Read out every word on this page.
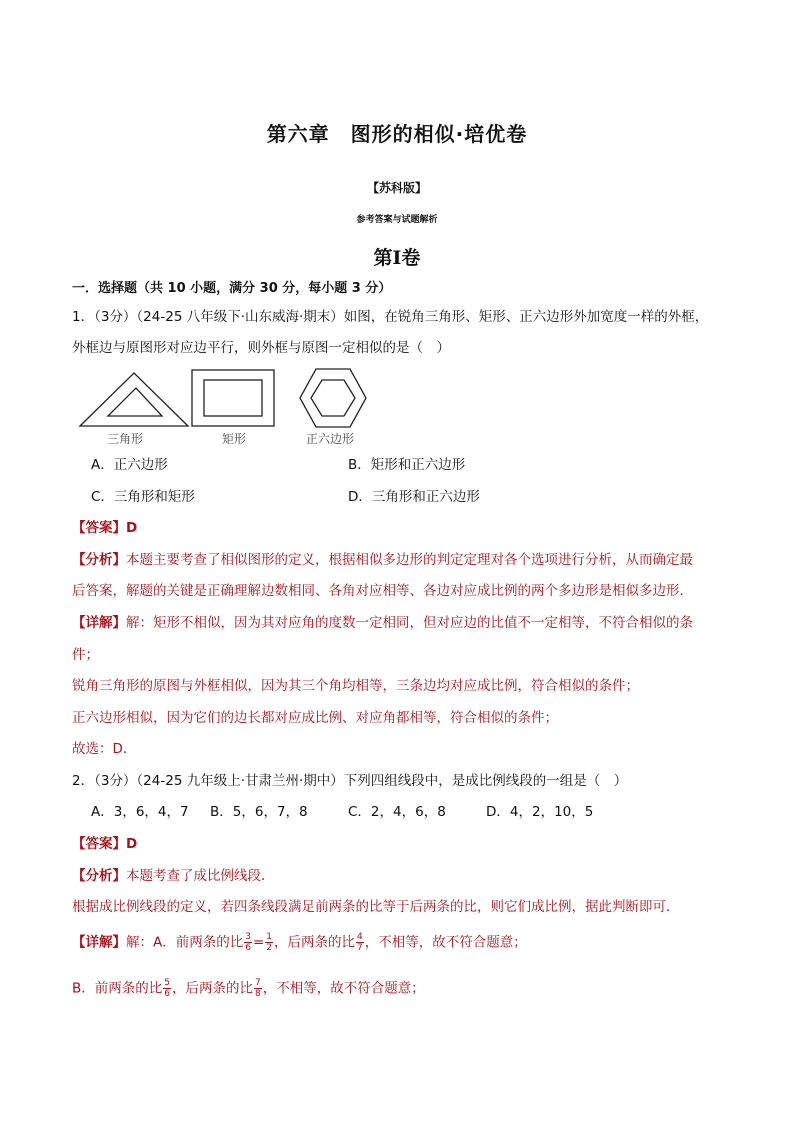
第六章　图形的相似·培优卷
【苏科版】
参考答案与试题解析
第Ⅰ卷
一．选择题（共 10 小题，满分 30 分，每小题 3 分）
1．（3分）（24-25 八年级下·山东威海·期末）如图，在锐角三角形、矩形、正六边形外加宽度一样的外框，
外框边与原图形对应边平行，则外框与原图一定相似的是（　）
三角形	矩形	正六边形
A．正六边形	B．矩形和正六边形
C．三角形和矩形	D．三角形和正六边形
【答案】D
【分析】本题主要考查了相似图形的定义，根据相似多边形的判定定理对各个选项进行分析，从而确定最
后答案，解题的关键是正确理解边数相同、各角对应相等、各边对应成比例的两个多边形是相似多边形．
【详解】解：矩形不相似，因为其对应角的度数一定相同，但对应边的比值不一定相等，不符合相似的条
件；
锐角三角形的原图与外框相似，因为其三个角均相等，三条边均对应成比例，符合相似的条件；
正六边形相似，因为它们的边长都对应成比例、对应角都相等，符合相似的条件；
故选：D．
2．（3分）（24-25 九年级上·甘肃兰州·期中）下列四组线段中，是成比例线段的一组是（　）
A．3，6，4，7 B．5，6，7，8	C．2，4，6，8	D．4，2，10，5
【答案】D
【分析】本题考查了成比例线段．
根据成比例线段的定义，若四条线段满足前两条的比等于后两条的比，则它们成比例，据此判断即可．
【详解】解：A．前两条的比 $\frac{3}{6} = \frac{1}{2}$ ，后两条的比 $\frac{4}{7}$ ，不相等，故不符合题意；
B．前两条的比 $\frac{5}{6}$ ，后两条的比 $\frac{7}{8}$ ，不相等，故不符合题意；
